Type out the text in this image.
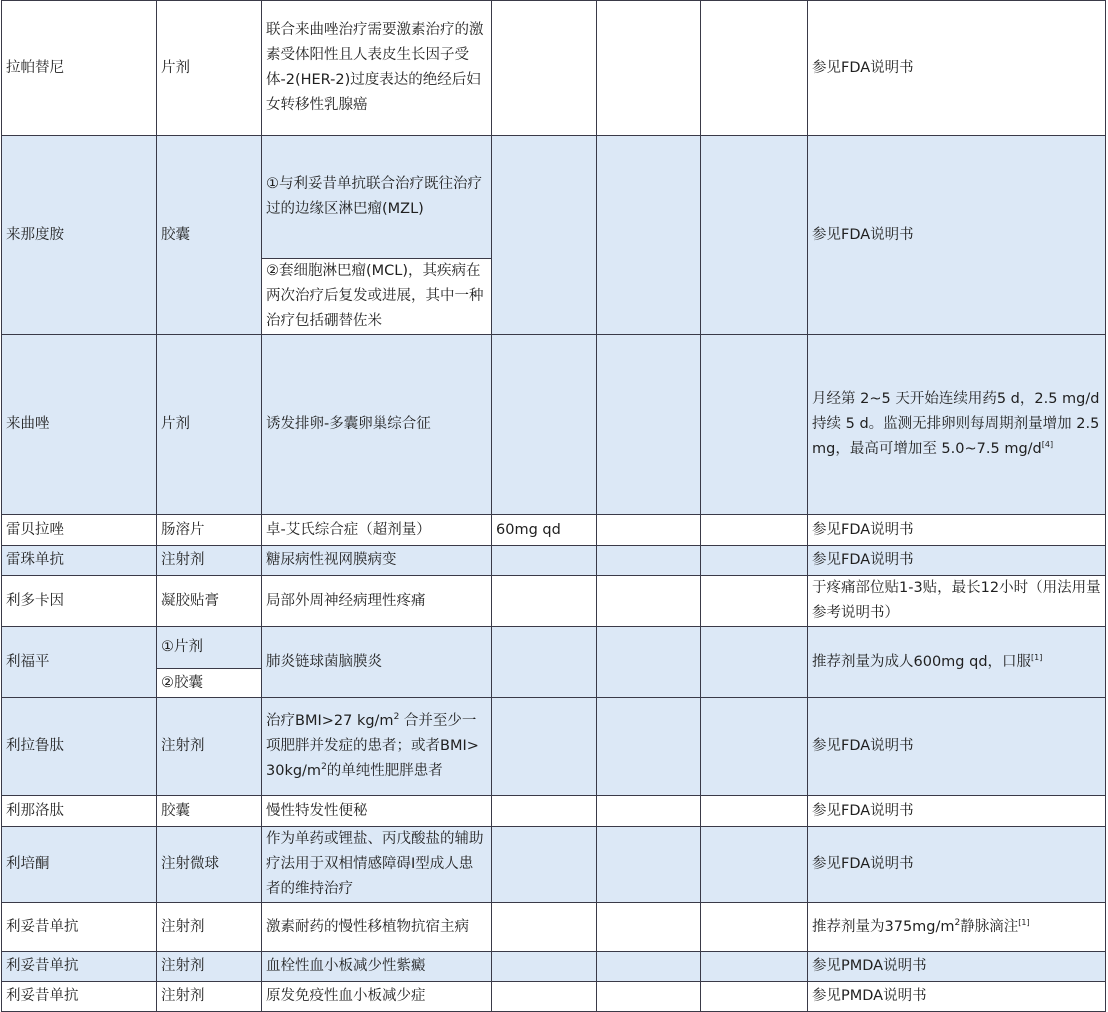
拉帕替尼	片剂	联合来曲唑治疗需要激素治疗的激素受体阳性且人表皮生长因子受体-2(HER-2)过度表达的绝经后妇女转移性乳腺癌				参见FDA说明书
来那度胺	胶囊	①与利妥昔单抗联合治疗既往治疗过的边缘区淋巴瘤(MZL)				参见FDA说明书
		②套细胞淋巴瘤(MCL)，其疾病在两次治疗后复发或进展，其中一种治疗包括硼替佐米				
来曲唑	片剂	诱发排卵-多囊卵巢综合征				月经第 2~5 天开始连续用药5 d，2.5 mg/d 持续 5 d。监测无排卵则每周期剂量增加 2.5 mg，最高可增加至 5.0~7.5 mg/d[4]
雷贝拉唑	肠溶片	卓-艾氏综合症（超剂量）	60mg qd			参见FDA说明书
雷珠单抗	注射剂	糖尿病性视网膜病变				参见FDA说明书
利多卡因	凝胶贴膏	局部外周神经病理性疼痛				于疼痛部位贴1-3贴，最长12小时（用法用量参考说明书）
利福平	①片剂	肺炎链球菌脑膜炎				推荐剂量为成人600mg qd，口服[1]
	②胶囊					
利拉鲁肽	注射剂	治疗BMI>27 $kg/m^2$ 合并至少一项肥胖并发症的患者；或者$BMI>30kg/m^2$的单纯性肥胖患者				参见FDA说明书
利那洛肽	胶囊	慢性特发性便秘				参见FDA说明书
利培酮	注射微球	作为单药或锂盐、丙戊酸盐的辅助疗法用于双相情感障碍I型成人患者的维持治疗				参见FDA说明书
利妥昔单抗	注射剂	激素耐药的慢性移植物抗宿主病				推荐剂量为$375mg/m^2$静脉滴注[1]
利妥昔单抗	注射剂	血栓性血小板减少性紫癜				参见PMDA说明书
利妥昔单抗	注射剂	原发免疫性血小板减少症				参见PMDA说明书
